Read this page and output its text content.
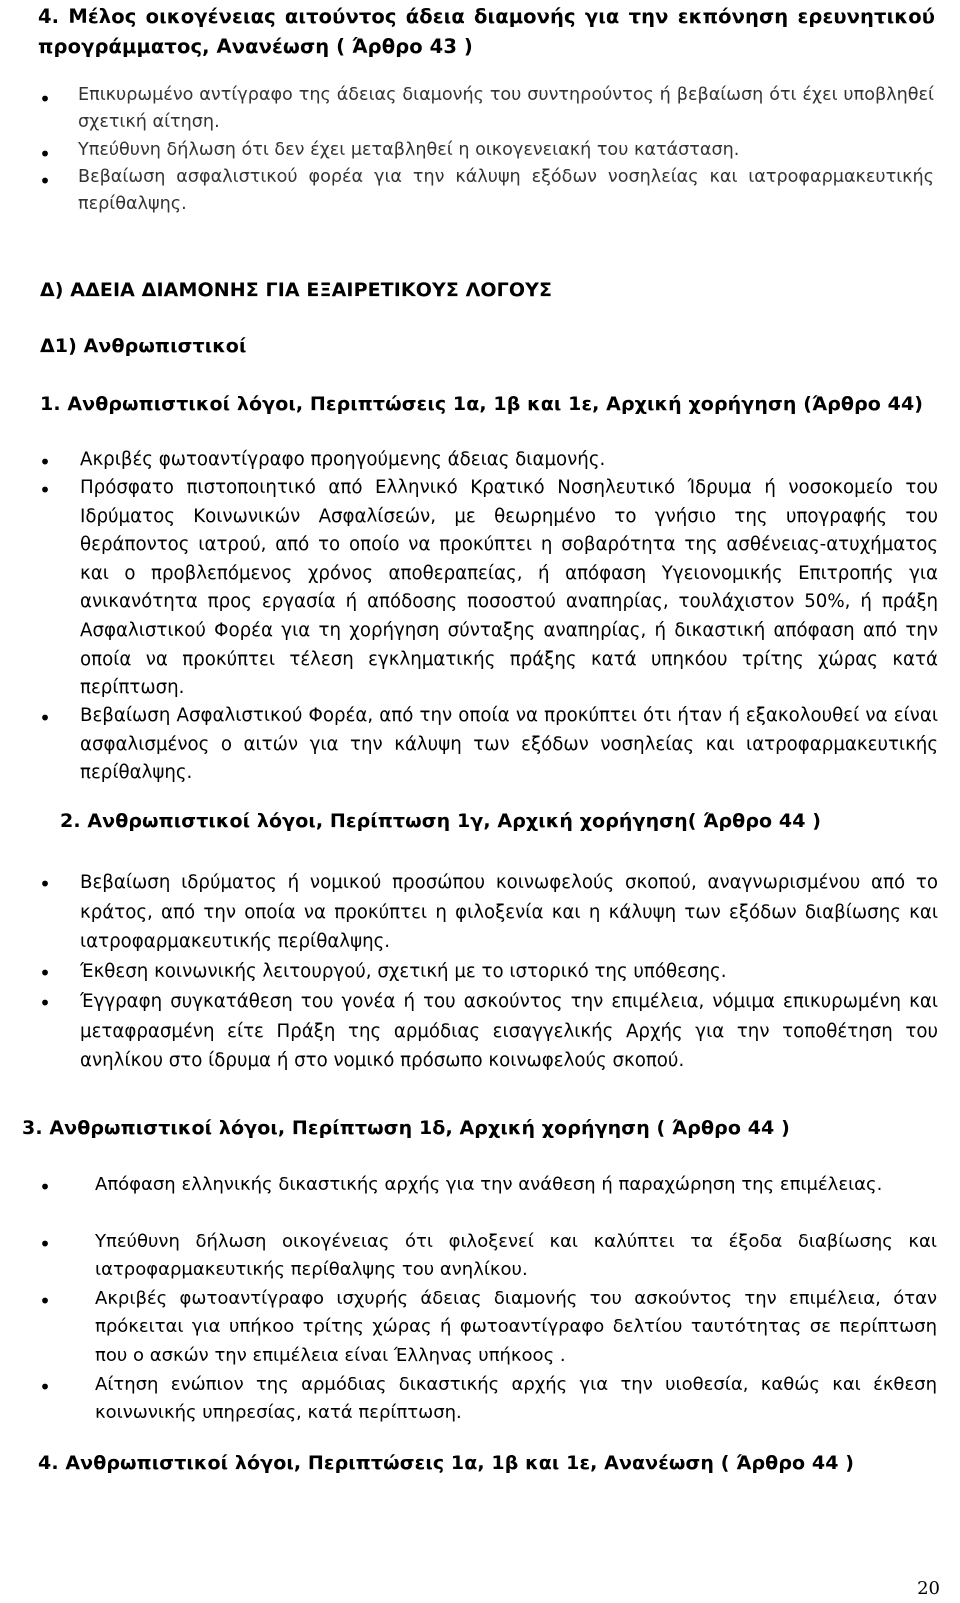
4. Μέλος οικογένειας αιτούντος άδεια διαμονής για την εκπόνηση ερευνητικού προγράμματος, Ανανέωση ( Άρθρο 43 )
• Επικυρωμένο αντίγραφο της άδειας διαμονής του συντηρούντος ή βεβαίωση ότι έχει υποβληθεί σχετική αίτηση.
• Υπεύθυνη δήλωση ότι δεν έχει μεταβληθεί η οικογενειακή του κατάσταση.
• Βεβαίωση ασφαλιστικού φορέα για την κάλυψη εξόδων νοσηλείας και ιατροφαρμακευτικής περίθαλψης.
Δ) ΑΔΕΙΑ ΔΙΑΜΟΝΗΣ ΓΙΑ ΕΞΑΙΡΕΤΙΚΟΥΣ ΛΟΓΟΥΣ
Δ1) Ανθρωπιστικοί
1. Ανθρωπιστικοί λόγοι, Περιπτώσεις 1α, 1β και 1ε, Αρχική χορήγηση (Άρθρο 44)
• Ακριβές φωτοαντίγραφο προηγούμενης άδειας διαμονής.
• Πρόσφατο πιστοποιητικό από Ελληνικό Κρατικό Νοσηλευτικό Ίδρυμα ή νοσοκομείο του Ιδρύματος Κοινωνικών Ασφαλίσεών, με θεωρημένο το γνήσιο της υπογραφής του θεράποντος ιατρού, από το οποίο να προκύπτει η σοβαρότητα της ασθένειας-ατυχήματος και ο προβλεπόμενος χρόνος αποθεραπείας, ή απόφαση Υγειονομικής Επιτροπής για ανικανότητα προς εργασία ή απόδοσης ποσοστού αναπηρίας, τουλάχιστον 50%, ή πράξη Ασφαλιστικού Φορέα για τη χορήγηση σύνταξης αναπηρίας, ή δικαστική απόφαση από την οποία να προκύπτει τέλεση εγκληματικής πράξης κατά υπηκόου τρίτης χώρας κατά περίπτωση.
• Βεβαίωση Ασφαλιστικού Φορέα, από την οποία να προκύπτει ότι ήταν ή εξακολουθεί να είναι ασφαλισμένος ο αιτών για την κάλυψη των εξόδων νοσηλείας και ιατροφαρμακευτικής περίθαλψης.
2. Ανθρωπιστικοί λόγοι, Περίπτωση 1γ, Αρχική χορήγηση( Άρθρο 44 )
• Βεβαίωση ιδρύματος ή νομικού προσώπου κοινωφελούς σκοπού, αναγνωρισμένου από το κράτος, από την οποία να προκύπτει η φιλοξενία και η κάλυψη των εξόδων διαβίωσης και ιατροφαρμακευτικής περίθαλψης.
• Έκθεση κοινωνικής λειτουργού, σχετική με το ιστορικό της υπόθεσης.
• Έγγραφη συγκατάθεση του γονέα ή του ασκούντος την επιμέλεια, νόμιμα επικυρωμένη και μεταφρασμένη είτε Πράξη της αρμόδιας εισαγγελικής Αρχής για την τοποθέτηση του ανηλίκου στο ίδρυμα ή στο νομικό πρόσωπο κοινωφελούς σκοπού.
3. Ανθρωπιστικοί λόγοι, Περίπτωση 1δ, Αρχική χορήγηση ( Άρθρο 44 )
• Απόφαση ελληνικής δικαστικής αρχής για την ανάθεση ή παραχώρηση της επιμέλειας.
• Υπεύθυνη δήλωση οικογένειας ότι φιλοξενεί και καλύπτει τα έξοδα διαβίωσης και ιατροφαρμακευτικής περίθαλψης του ανηλίκου.
• Ακριβές φωτοαντίγραφο ισχυρής άδειας διαμονής του ασκούντος την επιμέλεια, όταν πρόκειται για υπήκοο τρίτης χώρας ή φωτοαντίγραφο δελτίου ταυτότητας σε περίπτωση που ο ασκών την επιμέλεια είναι Έλληνας υπήκοος .
• Αίτηση ενώπιον της αρμόδιας δικαστικής αρχής για την υιοθεσία, καθώς και έκθεση κοινωνικής υπηρεσίας, κατά περίπτωση.
4. Ανθρωπιστικοί λόγοι, Περιπτώσεις 1α, 1β και 1ε, Ανανέωση ( Άρθρο 44 )
20
